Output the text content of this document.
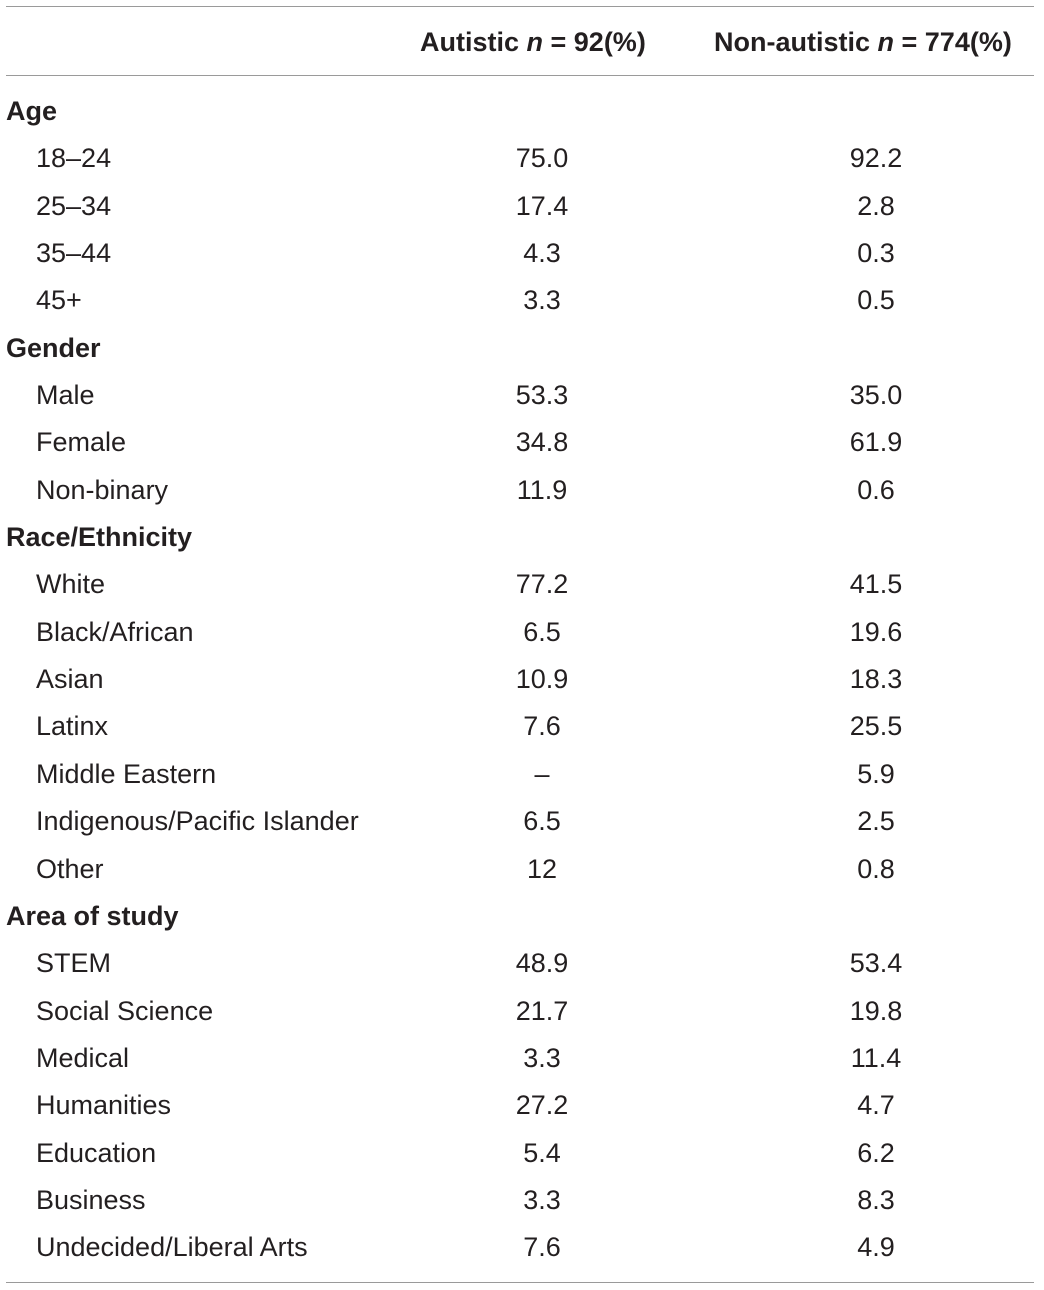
Autistic n = 92(%)	Non-autistic n = 774(%)
Age
18–24	75.0	92.2
25–34	17.4	2.8
35–44	4.3	0.3
45+	3.3	0.5
Gender
Male	53.3	35.0
Female	34.8	61.9
Non-binary	11.9	0.6
Race/Ethnicity
White	77.2	41.5
Black/African	6.5	19.6
Asian	10.9	18.3
Latinx	7.6	25.5
Middle Eastern	–	5.9
Indigenous/Pacific Islander	6.5	2.5
Other	12	0.8
Area of study
STEM	48.9	53.4
Social Science	21.7	19.8
Medical	3.3	11.4
Humanities	27.2	4.7
Education	5.4	6.2
Business	3.3	8.3
Undecided/Liberal Arts	7.6	4.9
